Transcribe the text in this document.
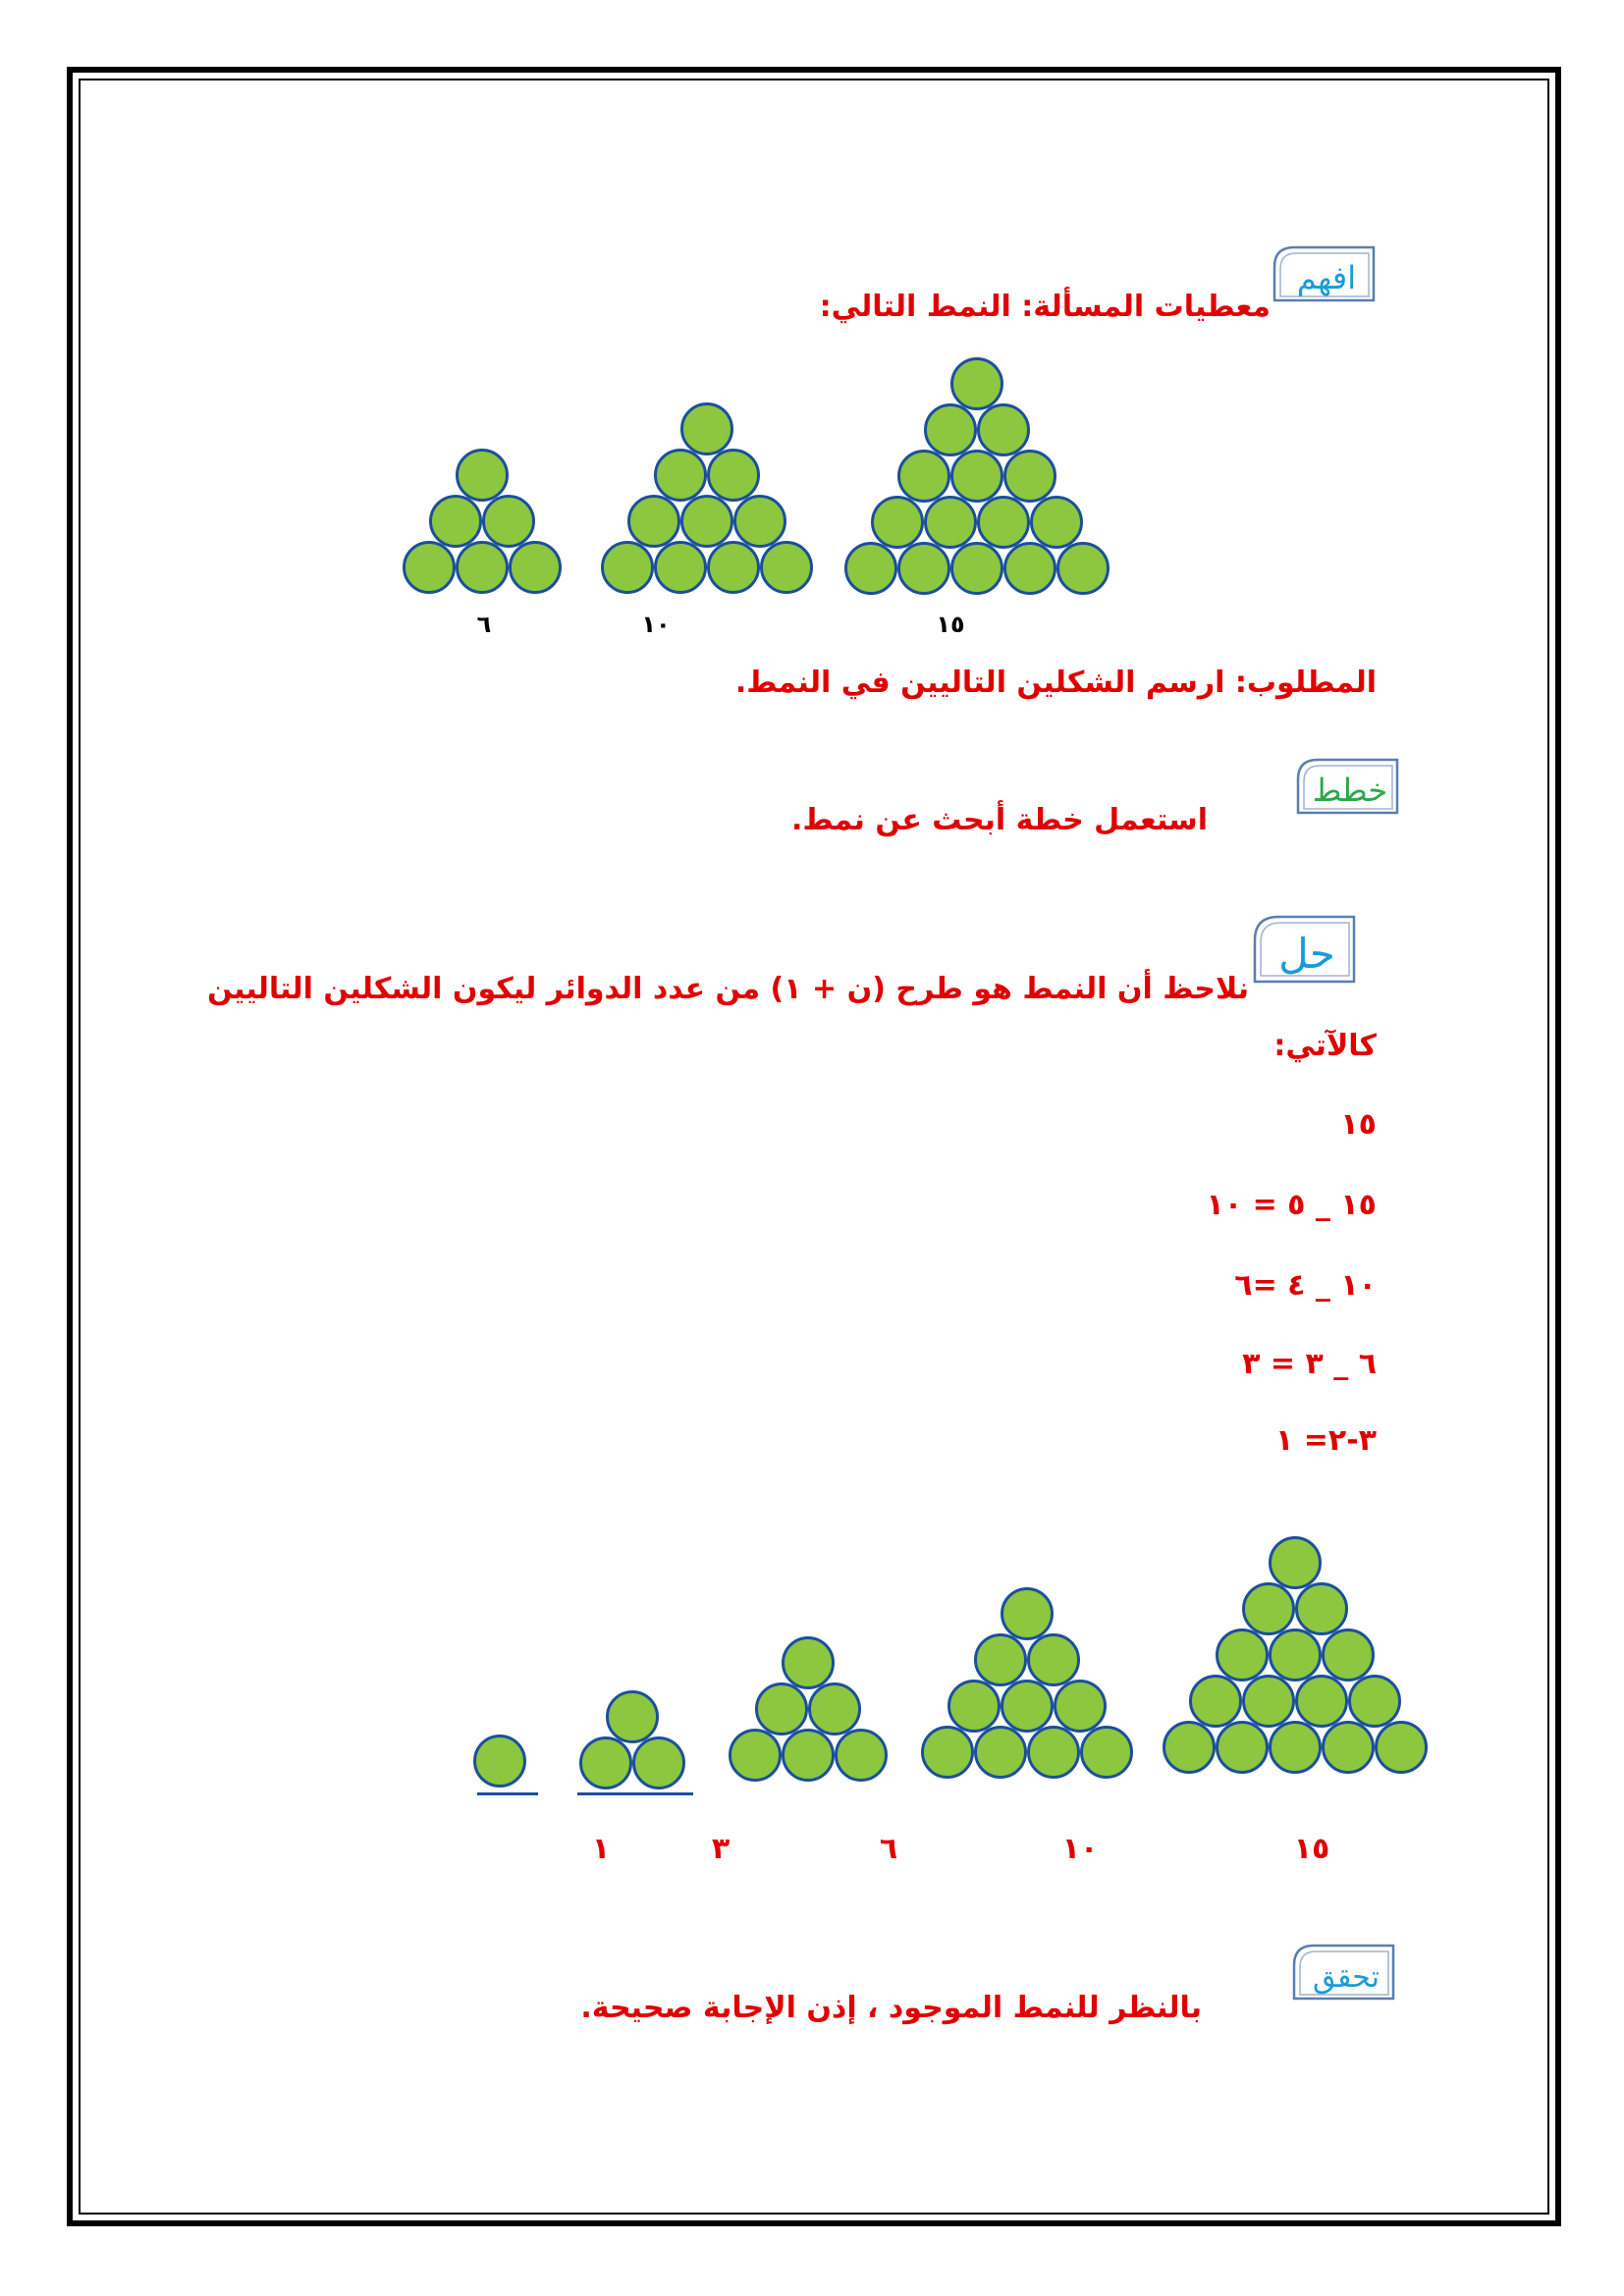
افهم
معطيات المسألة: النمط التالي:
٦	١٠	١٥
المطلوب: ارسم الشكلين التاليين في النمط.
خطط
استعمل خطة أبحث عن نمط.
حل
نلاحظ أن النمط هو طرح (ن + ١) من عدد الدوائر ليكون الشكلين التاليين
كالآتي:
١٥
١٥ _ ٥ = ١٠
١٠ _ ٤ =٦
٦ _ ٣ = ٣
٣-٢= ١
١	٣	٦	١٠	١٥
تحقق
بالنظر للنمط الموجود ، إذن الإجابة صحيحة.
